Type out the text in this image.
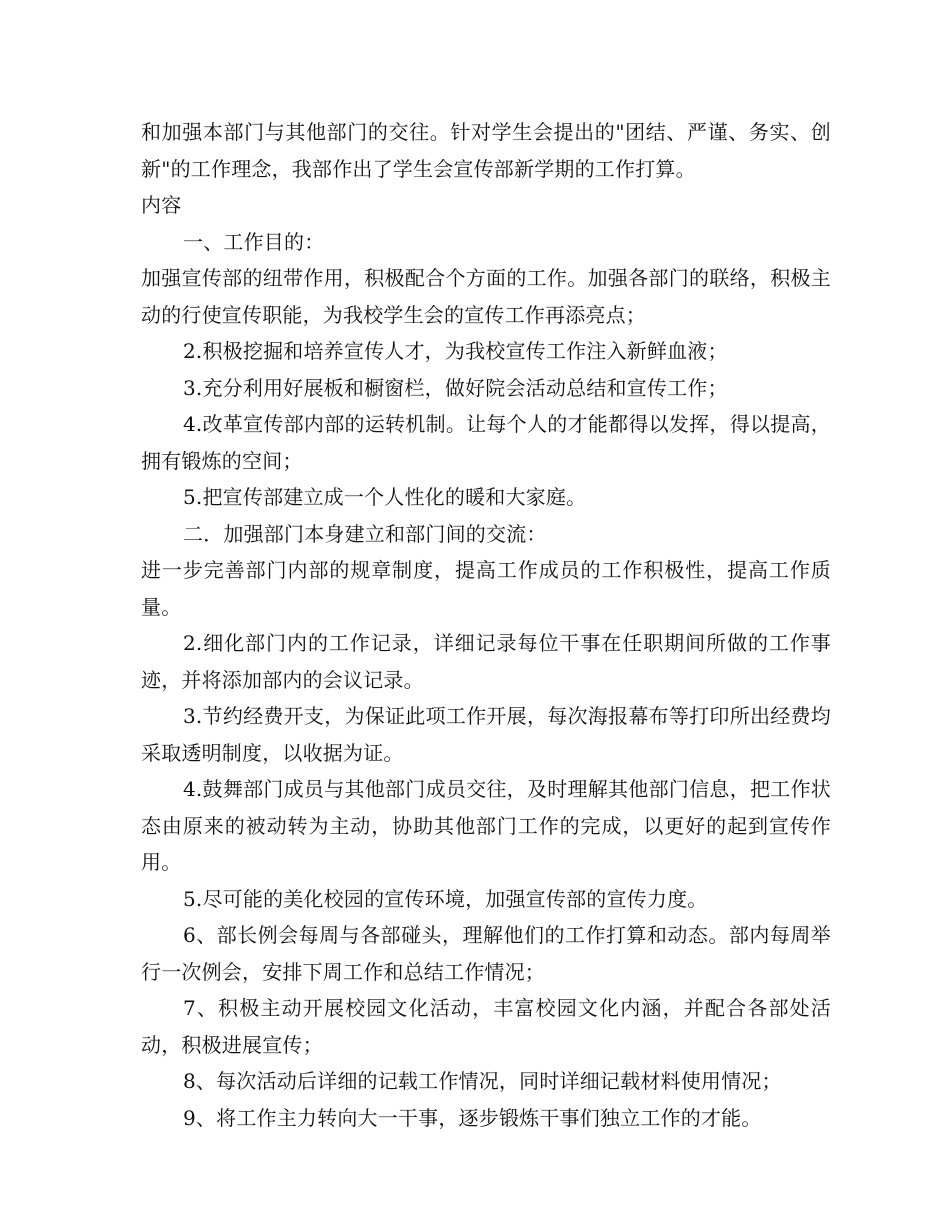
和加强本部门与其他部门的交往。针对学生会提出的"团结、严谨、务实、创新"的工作理念，我部作出了学生会宣传部新学期的工作打算。

内容

一、工作目的：

加强宣传部的纽带作用，积极配合个方面的工作。加强各部门的联络，积极主动的行使宣传职能，为我校学生会的宣传工作再添亮点；

2.积极挖掘和培养宣传人才，为我校宣传工作注入新鲜血液；

3.充分利用好展板和橱窗栏，做好院会活动总结和宣传工作；

4.改革宣传部内部的运转机制。让每个人的才能都得以发挥，得以提高，拥有锻炼的空间；

5.把宣传部建立成一个人性化的暖和大家庭。

二．加强部门本身建立和部门间的交流：

进一步完善部门内部的规章制度，提高工作成员的工作积极性，提高工作质量。

2.细化部门内的工作记录，详细记录每位干事在任职期间所做的工作事迹，并将添加部内的会议记录。

3.节约经费开支，为保证此项工作开展，每次海报幕布等打印所出经费均采取透明制度，以收据为证。

4.鼓舞部门成员与其他部门成员交往，及时理解其他部门信息，把工作状态由原来的被动转为主动，协助其他部门工作的完成，以更好的起到宣传作用。

5.尽可能的美化校园的宣传环境，加强宣传部的宣传力度。

6、部长例会每周与各部碰头，理解他们的工作打算和动态。部内每周举行一次例会，安排下周工作和总结工作情况；

7、积极主动开展校园文化活动，丰富校园文化内涵，并配合各部处活动，积极进展宣传；

8、每次活动后详细的记载工作情况，同时详细记载材料使用情况；

9、将工作主力转向大一干事，逐步锻炼干事们独立工作的才能。
